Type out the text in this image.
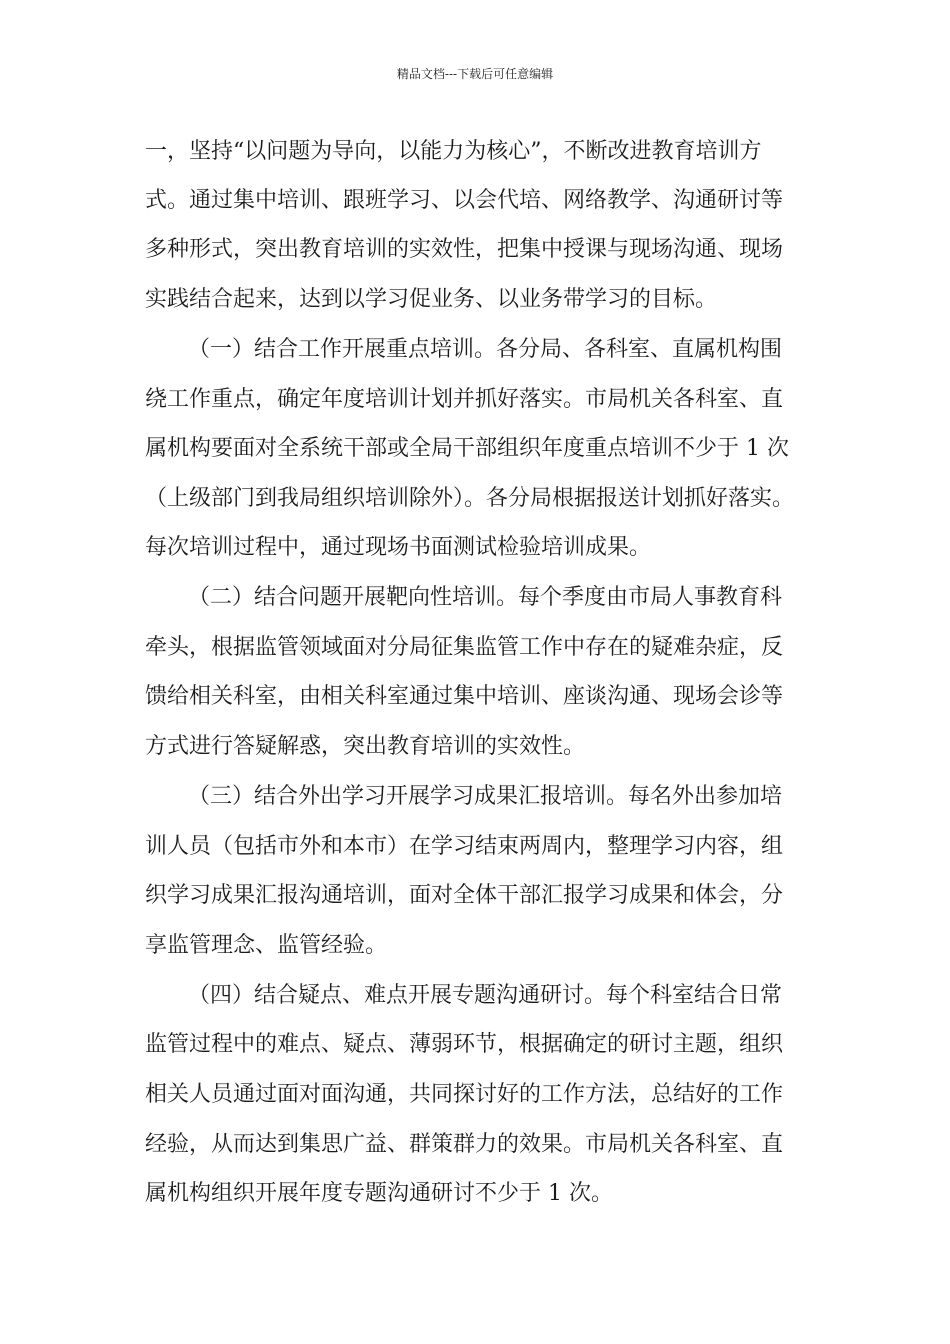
精品文档---下载后可任意编辑
一，坚持“以问题为导向，以能力为核心”，不断改进教育培训方
式。通过集中培训、跟班学习、以会代培、网络教学、沟通研讨等
多种形式，突出教育培训的实效性，把集中授课与现场沟通、现场
实践结合起来，达到以学习促业务、以业务带学习的目标。
（一）结合工作开展重点培训。各分局、各科室、直属机构围
绕工作重点，确定年度培训计划并抓好落实。市局机关各科室、直
属机构要面对全系统干部或全局干部组织年度重点培训不少于 1 次
（上级部门到我局组织培训除外）。各分局根据报送计划抓好落实。
每次培训过程中，通过现场书面测试检验培训成果。
（二）结合问题开展靶向性培训。每个季度由市局人事教育科
牵头，根据监管领域面对分局征集监管工作中存在的疑难杂症，反
馈给相关科室，由相关科室通过集中培训、座谈沟通、现场会诊等
方式进行答疑解惑，突出教育培训的实效性。
（三）结合外出学习开展学习成果汇报培训。每名外出参加培
训人员（包括市外和本市）在学习结束两周内，整理学习内容，组
织学习成果汇报沟通培训，面对全体干部汇报学习成果和体会，分
享监管理念、监管经验。
（四）结合疑点、难点开展专题沟通研讨。每个科室结合日常
监管过程中的难点、疑点、薄弱环节，根据确定的研讨主题，组织
相关人员通过面对面沟通，共同探讨好的工作方法，总结好的工作
经验，从而达到集思广益、群策群力的效果。市局机关各科室、直
属机构组织开展年度专题沟通研讨不少于 1 次。
